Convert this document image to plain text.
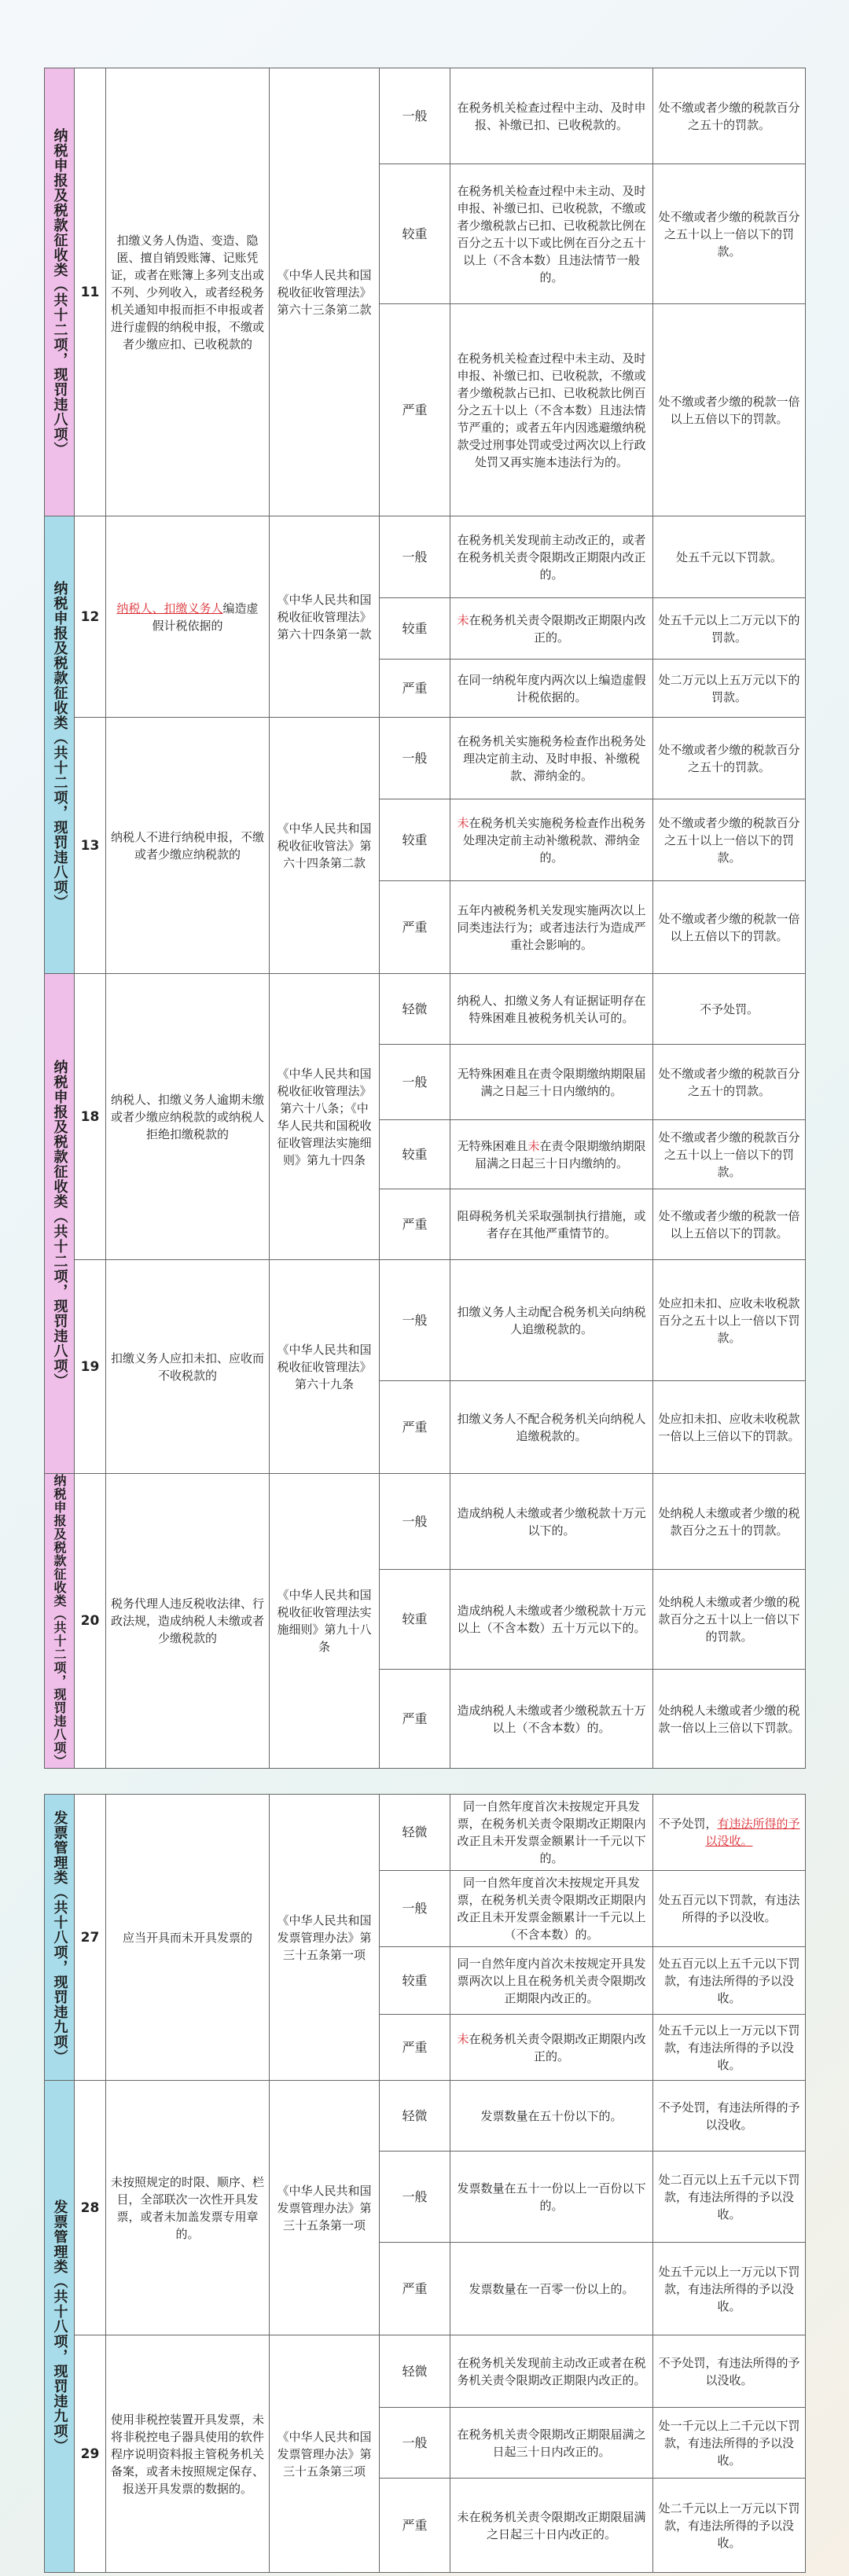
纳税申报及税款征收类（共十二项，现罚违八项）	11	扣缴义务人伪造、变造、隐匿、擅自销毁账簿、记账凭证，或者在账簿上多列支出或不列、少列收入，或者经税务机关通知申报而拒不申报或者进行虚假的纳税申报，不缴或者少缴应扣、已收税款的	《中华人民共和国税收征收管理法》第六十三条第二款	一般	在税务机关检查过程中主动、及时申报、补缴已扣、已收税款的。	处不缴或者少缴的税款百分之五十的罚款。
				较重	在税务机关检查过程中未主动、及时申报、补缴已扣、已收税款，不缴或者少缴税款占已扣、已收税款比例在百分之五十以下或比例在百分之五十以上（不含本数）且违法情节一般的。	处不缴或者少缴的税款百分之五十以上一倍以下的罚款。
				严重	在税务机关检查过程中未主动、及时申报、补缴已扣、已收税款，不缴或者少缴税款占已扣、已收税款比例百分之五十以上（不含本数）且违法情节严重的；或者五年内因逃避缴纳税款受过刑事处罚或受过两次以上行政处罚又再实施本违法行为的。	处不缴或者少缴的税款一倍以上五倍以下的罚款。

纳税申报及税款征收类（共十二项，现罚违八项）	12	纳税人、扣缴义务人编造虚假计税依据的	《中华人民共和国税收征收管理法》第六十四条第一款	一般	在税务机关发现前主动改正的，或者在税务机关责令限期改正期限内改正的。	处五千元以下罚款。
				较重	未在税务机关责令限期改正期限内改正的。	处五千元以上二万元以下的罚款。
				严重	在同一纳税年度内两次以上编造虚假计税依据的。	处二万元以上五万元以下的罚款。
	13	纳税人不进行纳税申报，不缴或者少缴应纳税款的	《中华人民共和国税收征收管法》第六十四条第二款	一般	在税务机关实施税务检查作出税务处理决定前主动、及时申报、补缴税款、滞纳金的。	处不缴或者少缴的税款百分之五十的罚款。
				较重	未在税务机关实施税务检查作出税务处理决定前主动补缴税款、滞纳金的。	处不缴或者少缴的税款百分之五十以上一倍以下的罚款。
				严重	五年内被税务机关发现实施两次以上同类违法行为；或者违法行为造成严重社会影响的。	处不缴或者少缴的税款一倍以上五倍以下的罚款。

纳税申报及税款征收类（共十二项，现罚违八项）	18	纳税人、扣缴义务人逾期未缴或者少缴应纳税款的或纳税人拒绝扣缴税款的	《中华人民共和国税收征收管理法》第六十八条；《中华人民共和国税收征收管理法实施细则》第九十四条	轻微	纳税人、扣缴义务人有证据证明存在特殊困难且被税务机关认可的。	不予处罚。
				一般	无特殊困难且在责令限期缴纳期限届满之日起三十日内缴纳的。	处不缴或者少缴的税款百分之五十的罚款。
				较重	无特殊困难且未在责令限期缴纳期限届满之日起三十日内缴纳的。	处不缴或者少缴的税款百分之五十以上一倍以下的罚款。
				严重	阻碍税务机关采取强制执行措施，或者存在其他严重情节的。	处不缴或者少缴的税款一倍以上五倍以下的罚款。
	19	扣缴义务人应扣未扣、应收而不收税款的	《中华人民共和国税收征收管理法》第六十九条	一般	扣缴义务人主动配合税务机关向纳税人追缴税款的。	处应扣未扣、应收未收税款百分之五十以上一倍以下罚款。
				严重	扣缴义务人不配合税务机关向纳税人追缴税款的。	处应扣未扣、应收未收税款一倍以上三倍以下的罚款。

纳税申报及税款征收类（共十二项，现罚违八项）	20	税务代理人违反税收法律、行政法规，造成纳税人未缴或者少缴税款的	《中华人民共和国税收征收管理法实施细则》第九十八条	一般	造成纳税人未缴或者少缴税款十万元以下的。	处纳税人未缴或者少缴的税款百分之五十的罚款。
				较重	造成纳税人未缴或者少缴税款十万元以上（不含本数）五十万元以下的。	处纳税人未缴或者少缴的税款百分之五十以上一倍以下的罚款。
				严重	造成纳税人未缴或者少缴税款五十万以上（不含本数）的。	处纳税人未缴或者少缴的税款一倍以上三倍以下罚款。
发票管理类（共十八项，现罚违九项）	27	应当开具而未开具发票的	《中华人民共和国发票管理办法》第三十五条第一项	轻微	同一自然年度首次未按规定开具发票，在税务机关责令限期改正期限内改正且未开发票金额累计一千元以下的。	不予处罚，有违法所得的予以没收。
				一般	同一自然年度首次未按规定开具发票，在税务机关责令限期改正期限内改正且未开发票金额累计一千元以上（不含本数）的。	处五百元以下罚款，有违法所得的予以没收。
				较重	同一自然年度内首次未按规定开具发票两次以上且在税务机关责令限期改正期限内改正的。	处五百元以上五千元以下罚款，有违法所得的予以没收。
				严重	未在税务机关责令限期改正期限内改正的。	处五千元以上一万元以下罚款，有违法所得的予以没收。

发票管理类（共十八项，现罚违九项）	28	未按照规定的时限、顺序、栏目，全部联次一次性开具发票，或者未加盖发票专用章的。	《中华人民共和国发票管理办法》第三十五条第一项	轻微	发票数量在五十份以下的。	不予处罚，有违法所得的予以没收。
				一般	发票数量在五十一份以上一百份以下的。	处二百元以上五千元以下罚款，有违法所得的予以没收。
				严重	发票数量在一百零一份以上的。	处五千元以上一万元以下罚款，有违法所得的予以没收。
	29	使用非税控装置开具发票，未将非税控电子器具使用的软件程序说明资料报主管税务机关备案，或者未按照规定保存、报送开具发票的数据的。	《中华人民共和国发票管理办法》第三十五条第三项	轻微	在税务机关发现前主动改正或者在税务机关责令限期改正期限内改正的。	不予处罚，有违法所得的予以没收。
				一般	在税务机关责令限期改正期限届满之日起三十日内改正的。	处一千元以上二千元以下罚款，有违法所得的予以没收。
				严重	未在税务机关责令限期改正期限届满之日起三十日内改正的。	处二千元以上一万元以下罚款，有违法所得的予以没收。
